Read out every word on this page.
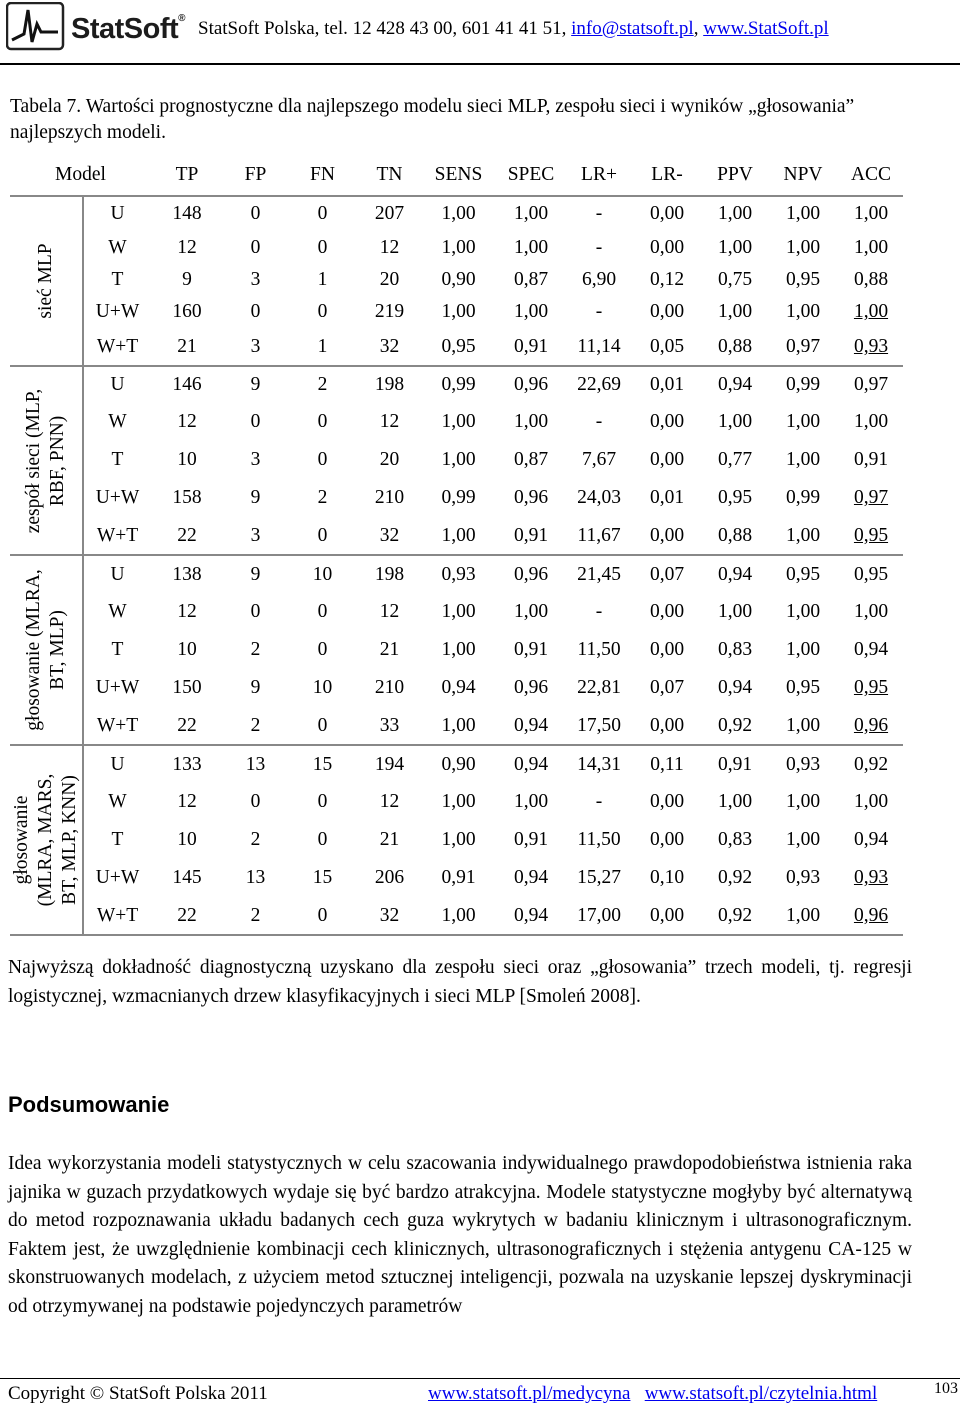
StatSoft® StatSoft Polska, tel. 12 428 43 00, 601 41 41 51, info@statsoft.pl, www.StatSoft.pl
Tabela 7. Wartości prognostyczne dla najlepszego modelu sieci MLP, zespołu sieci i wyników „głosowania” najlepszych modeli.
Model		TP	FP	FN	TN	SENS	SPEC	LR+	LR-	PPV	NPV	ACC

sieć MLP	U	148	0	0	207	1,00	1,00	-	0,00	1,00	1,00	1,00
	W	12	0	0	12	1,00	1,00	-	0,00	1,00	1,00	1,00
	T	9	3	1	20	0,90	0,87	6,90	0,12	0,75	0,95	0,88
	U+W	160	0	0	219	1,00	1,00	-	0,00	1,00	1,00	1,00
	W+T	21	3	1	32	0,95	0,91	11,14	0,05	0,88	0,97	0,93

zespół sieci (MLP, RBF, PNN)	U	146	9	2	198	0,99	0,96	22,69	0,01	0,94	0,99	0,97
	W	12	0	0	12	1,00	1,00	-	0,00	1,00	1,00	1,00
	T	10	3	0	20	1,00	0,87	7,67	0,00	0,77	1,00	0,91
	U+W	158	9	2	210	0,99	0,96	24,03	0,01	0,95	0,99	0,97
	W+T	22	3	0	32	1,00	0,91	11,67	0,00	0,88	1,00	0,95

głosowanie (MLRA, BT, MLP)	U	138	9	10	198	0,93	0,96	21,45	0,07	0,94	0,95	0,95
	W	12	0	0	12	1,00	1,00	-	0,00	1,00	1,00	1,00
	T	10	2	0	21	1,00	0,91	11,50	0,00	0,83	1,00	0,94
	U+W	150	9	10	210	0,94	0,96	22,81	0,07	0,94	0,95	0,95
	W+T	22	2	0	33	1,00	0,94	17,50	0,00	0,92	1,00	0,96

głosowanie (MLRA, MARS, BT, MLP, KNN)	U	133	13	15	194	0,90	0,94	14,31	0,11	0,91	0,93	0,92
	W	12	0	0	12	1,00	1,00	-	0,00	1,00	1,00	1,00
	T	10	2	0	21	1,00	0,91	11,50	0,00	0,83	1,00	0,94
	U+W	145	13	15	206	0,91	0,94	15,27	0,10	0,92	0,93	0,93
	W+T	22	2	0	32	1,00	0,94	17,00	0,00	0,92	1,00	0,96
Najwyższą dokładność diagnostyczną uzyskano dla zespołu sieci oraz „głosowania” trzech modeli, tj. regresji logistycznej, wzmacnianych drzew klasyfikacyjnych i sieci MLP [Smoleń 2008].
Podsumowanie
Idea wykorzystania modeli statystycznych w celu szacowania indywidualnego prawdopodobieństwa istnienia raka jajnika w guzach przydatkowych wydaje się być bardzo atrakcyjna. Modele statystyczne mogłyby być alternatywą do metod rozpoznawania układu badanych cech guza wykrytych w badaniu klinicznym i ultrasonograficznym. Faktem jest, że uwzględnienie kombinacji cech klinicznych, ultrasonograficznych i stężenia antygenu CA-125 w skonstruowanych modelach, z użyciem metod sztucznej inteligencji, pozwala na uzyskanie lepszej dyskryminacji od otrzymywanej na podstawie pojedynczych parametrów
Copyright © StatSoft Polska 2011	www.statsoft.pl/medycyna www.statsoft.pl/czytelnia.html	103
